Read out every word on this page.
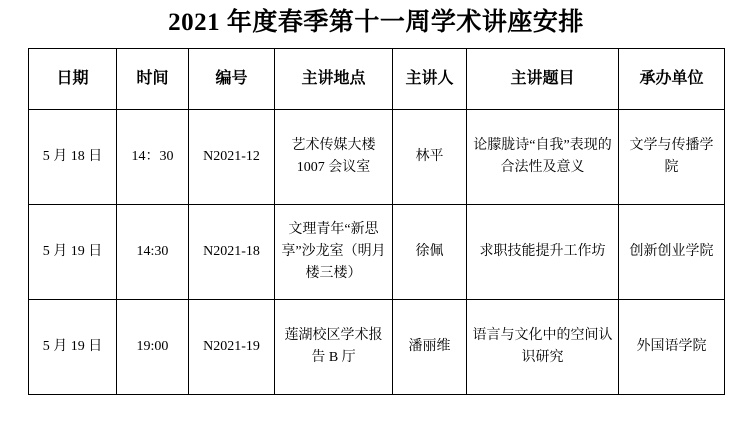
2021 年度春季第十一周学术讲座安排
日期	时间	编号	主讲地点	主讲人	主讲题目	承办单位
5 月 18 日	14：30	N2021-12	艺术传媒大楼 1007 会议室	林平	论朦胧诗“自我”表现的合法性及意义	文学与传播学院
5 月 19 日	14:30	N2021-18	文理青年“新思享”沙龙室（明月楼三楼）	徐佩	求职技能提升工作坊	创新创业学院
5 月 19 日	19:00	N2021-19	莲湖校区学术报告 B 厅	潘丽维	语言与文化中的空间认识研究	外国语学院
